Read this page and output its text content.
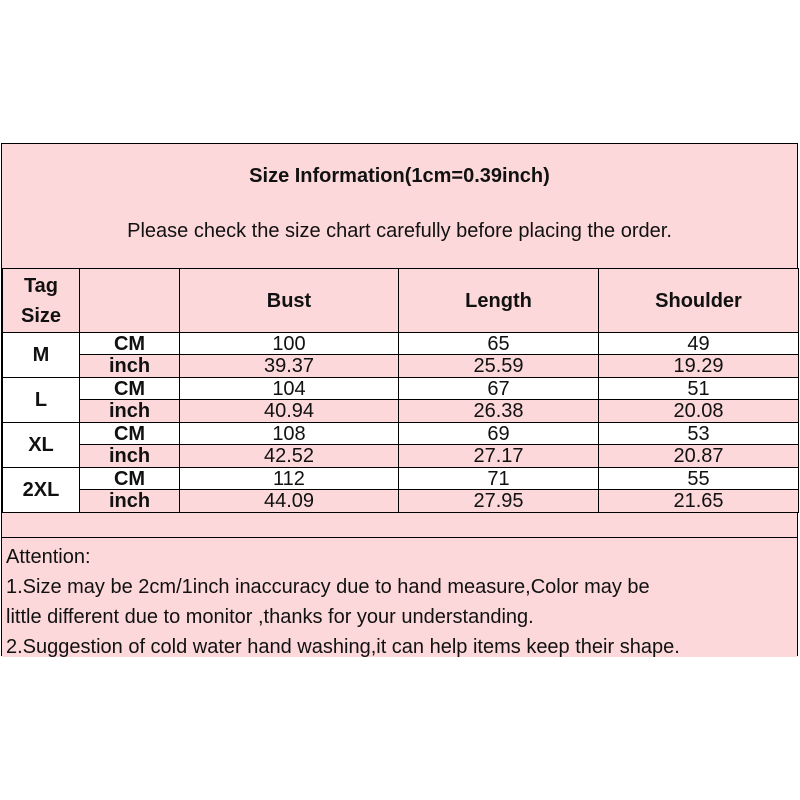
Size Information(1cm=0.39inch)
Please check the size chart carefully before placing the order.
Tag
Size		Bust	Length	Shoulder
M	CM	100	65	49
	inch	39.37	25.59	19.29
L	CM	104	67	51
	inch	40.94	26.38	20.08
XL	CM	108	69	53
	inch	42.52	27.17	20.87
2XL	CM	112	71	55
	inch	44.09	27.95	21.65
Attention:
1.Size may be 2cm/1inch inaccuracy due to hand measure,Color may be
little different due to monitor ,thanks for your understanding.
2.Suggestion of cold water hand washing,it can help items keep their shape.
